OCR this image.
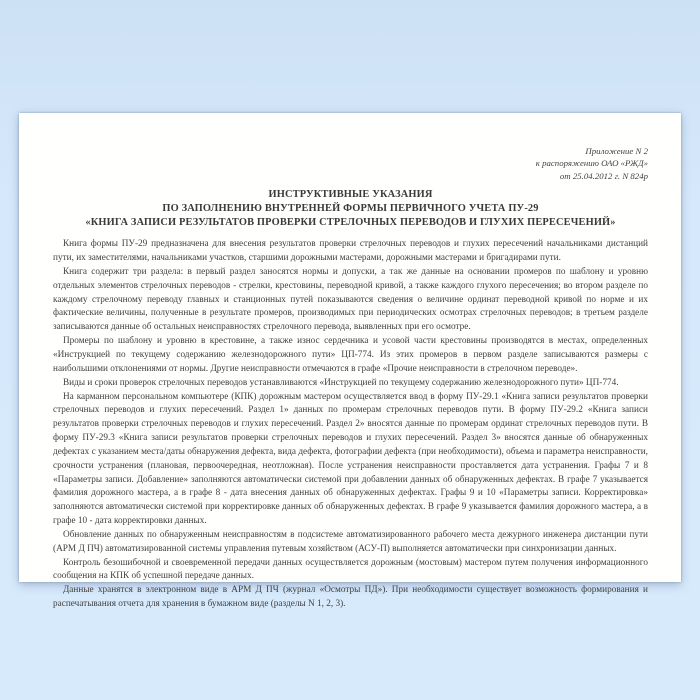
Приложение N 2
к распоряжению ОАО «РЖД»
от 25.04.2012 г. N 824р
ИНСТРУКТИВНЫЕ УКАЗАНИЯ
ПО ЗАПОЛНЕНИЮ ВНУТРЕННЕЙ ФОРМЫ ПЕРВИЧНОГО УЧЕТА ПУ-29
«КНИГА ЗАПИСИ РЕЗУЛЬТАТОВ ПРОВЕРКИ СТРЕЛОЧНЫХ ПЕРЕВОДОВ И ГЛУХИХ ПЕРЕСЕЧЕНИЙ»

Книга формы ПУ-29 предназначена для внесения результатов проверки стрелочных переводов и глухих пересечений начальниками дистанций пути, их заместителями, начальниками участков, старшими дорожными мастерами, дорожными мастерами и бригадирами пути.

Книга содержит три раздела: в первый раздел заносятся нормы и допуски, а так же данные на основании промеров по шаблону и уровню отдельных элементов стрелочных переводов - стрелки, крестовины, переводной кривой, а также каждого глухого пересечения; во втором разделе по каждому стрелочному переводу главных и станционных путей показываются сведения о величине ординат переводной кривой по норме и их фактические величины, полученные в результате промеров, производимых при периодических осмотрах стрелочных переводов; в третьем разделе записываются данные об остальных неисправностях стрелочного перевода, выявленных при его осмотре.

Промеры по шаблону и уровню в крестовине, а также износ сердечника и усовой части крестовины производятся в местах, определенных «Инструкцией по текущему содержанию железнодорожного пути» ЦП-774. Из этих промеров в первом разделе записываются размеры с наибольшими отклонениями от нормы. Другие неисправности отмечаются в графе «Прочие неисправности в стрелочном переводе».

Виды и сроки проверок стрелочных переводов устанавливаются «Инструкцией по текущему содержанию железнодорожного пути» ЦП-774.

На карманном персональном компьютере (КПК) дорожным мастером осуществляется ввод в форму ПУ-29.1 «Книга записи результатов проверки стрелочных переводов и глухих пересечений. Раздел 1» данных по промерам стрелочных переводов пути. В форму ПУ-29.2 «Книга записи результатов проверки стрелочных переводов и глухих пересечений. Раздел 2» вносятся данные по промерам ординат стрелочных переводов пути. В форму ПУ-29.3 «Книга записи результатов проверки стрелочных переводов и глухих пересечений. Раздел 3» вносятся данные об обнаруженных дефектах с указанием места/даты обнаружения дефекта, вида дефекта, фотографии дефекта (при необходимости), объема и параметра неисправности, срочности устранения (плановая, первоочередная, неотложная). После устранения неисправности проставляется дата устранения. Графы 7 и 8 «Параметры записи. Добавление» заполняются автоматически системой при добавлении данных об обнаруженных дефектах. В графе 7 указывается фамилия дорожного мастера, а в графе 8 - дата внесения данных об обнаруженных дефектах. Графы 9 и 10 «Параметры записи. Корректировка» заполняются автоматически системой при корректировке данных об обнаруженных дефектах. В графе 9 указывается фамилия дорожного мастера, а в графе 10 - дата корректировки данных.

Обновление данных по обнаруженным неисправностям в подсистеме автоматизированного рабочего места дежурного инженера дистанции пути (АРМ Д ПЧ) автоматизированной системы управления путевым хозяйством (АСУ-П) выполняется автоматически при синхронизации данных.

Контроль безошибочной и своевременной передачи данных осуществляется дорожным (мостовым) мастером путем получения информационного сообщения на КПК об успешной передаче данных.

Данные хранятся в электронном виде в АРМ Д ПЧ (журнал «Осмотры ПД»). При необходимости существует возможность формирования и распечатывания отчета для хранения в бумажном виде (разделы N 1, 2, 3).
